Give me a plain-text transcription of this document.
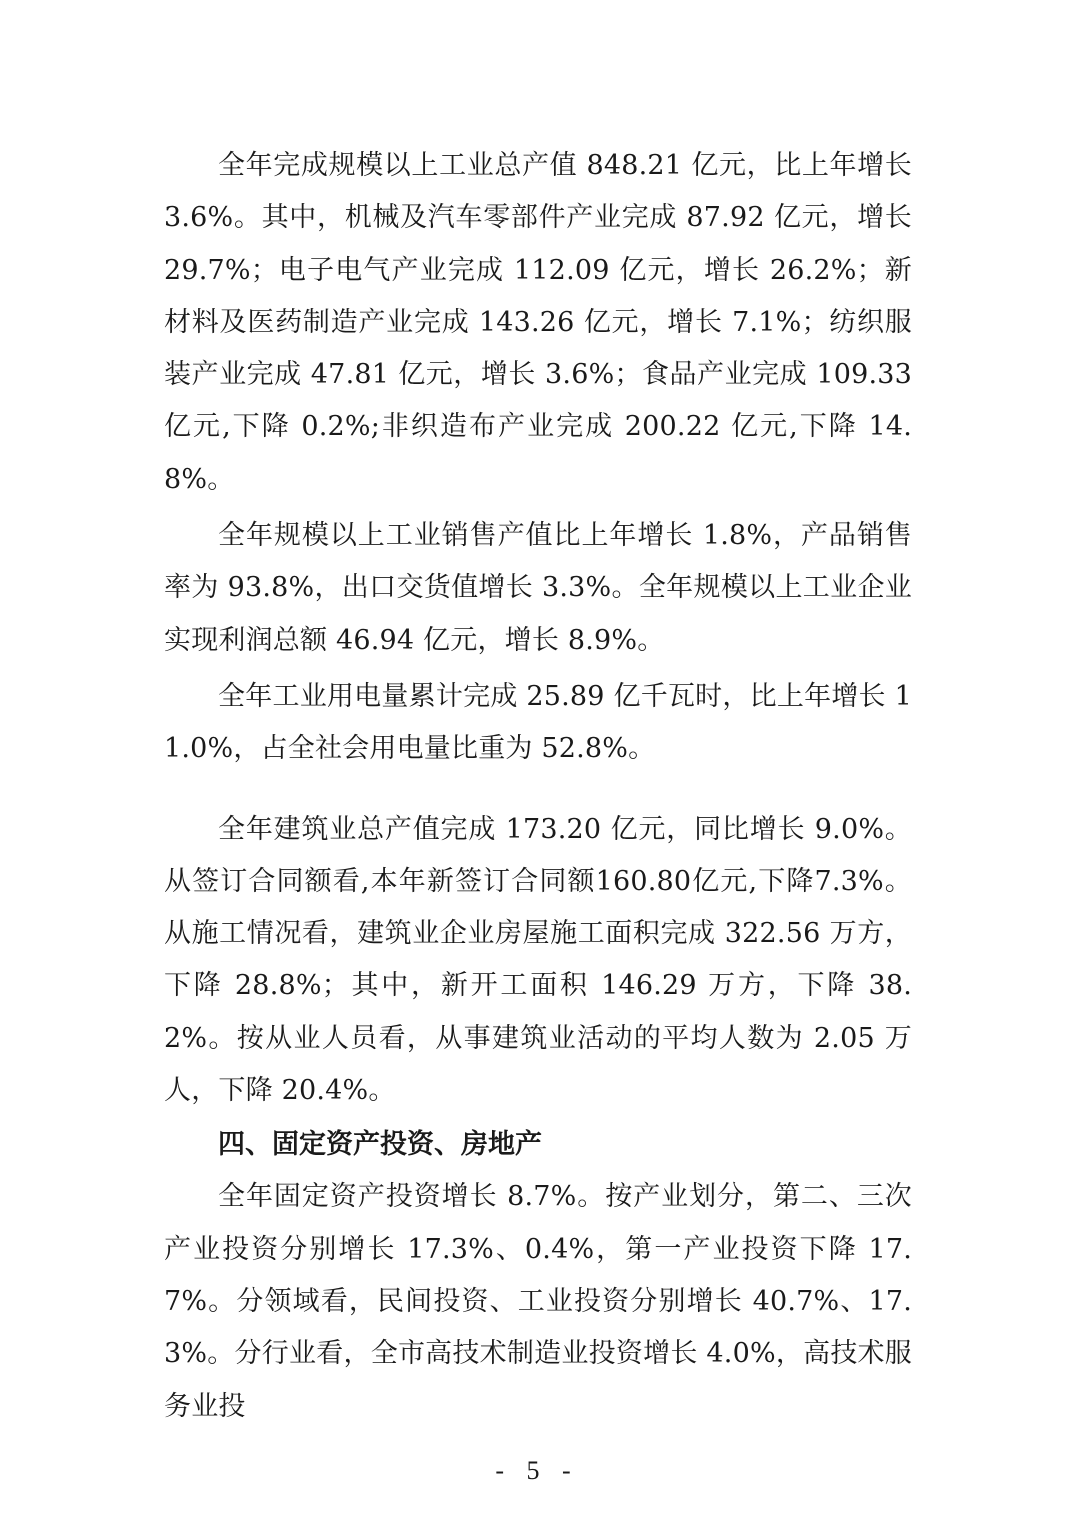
全年完成规模以上工业总产值 848.21 亿元，比上年增长 3.6%。其中，机械及汽车零部件产业完成 87.92 亿元，增长 29.7%；电子电气产业完成 112.09 亿元，增长 26.2%；新材料及医药制造产业完成 143.26 亿元，增长 7.1%；纺织服装产业完成 47.81 亿元，增长 3.6%；食品产业完成 109.33 亿元,下降 0.2%;非织造布产业完成 200.22 亿元,下降 14.8%。

全年规模以上工业销售产值比上年增长 1.8%，产品销售率为 93.8%，出口交货值增长 3.3%。全年规模以上工业企业实现利润总额 46.94 亿元，增长 8.9%。

全年工业用电量累计完成 25.89 亿千瓦时，比上年增长 11.0%，占全社会用电量比重为 52.8%。

全年建筑业总产值完成 173.20 亿元，同比增长 9.0%。从签订合同额看,本年新签订合同额160.80亿元,下降7.3%。从施工情况看，建筑业企业房屋施工面积完成 322.56 万方，下降 28.8%；其中，新开工面积 146.29 万方，下降 38.2%。按从业人员看，从事建筑业活动的平均人数为 2.05 万人，下降 20.4%。

四、固定资产投资、房地产

全年固定资产投资增长 8.7%。按产业划分，第二、三次产业投资分别增长 17.3%、0.4%，第一产业投资下降 17.7%。分领域看，民间投资、工业投资分别增长 40.7%、17.3%。分行业看，全市高技术制造业投资增长 4.0%，高技术服务业投

- 5 -
